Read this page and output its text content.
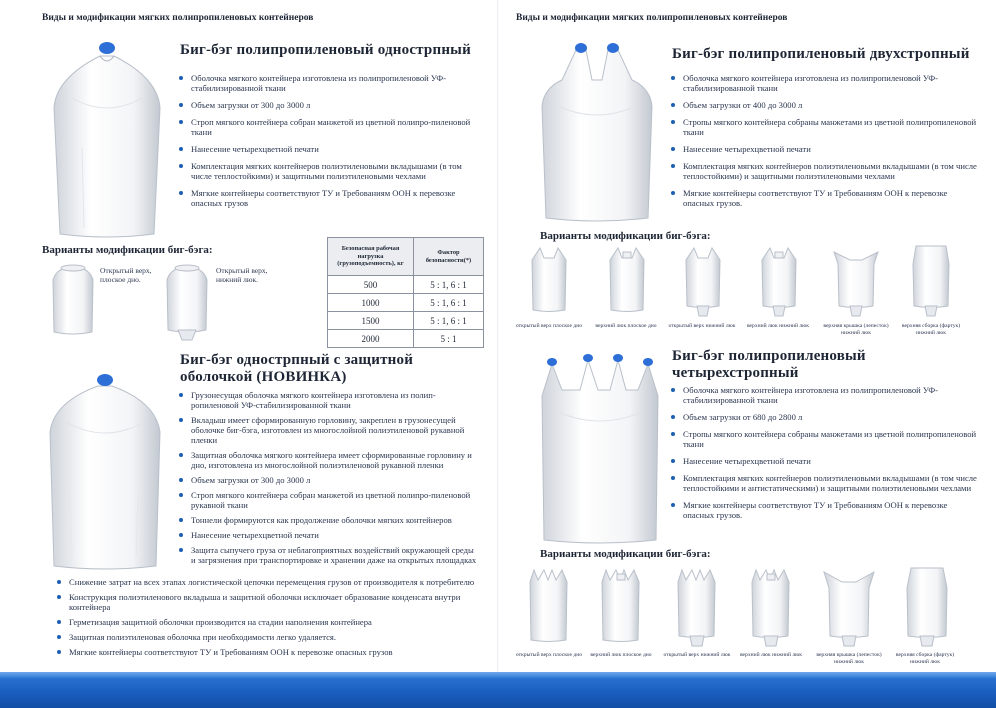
Виды и модификации мягких полипропиленовых контейнеров
Биг-бэг полипропиленовый однострпный
Оболочка мягкого контейнера изготовлена из полипропиленовой УФ-стабилизированной ткани
Объем загрузки от 300 до 3000 л
Строп мягкого контейнера собран манжетой из цветной полипро-пиленовой ткани
Нанесение четырехцветной печати
Комплектация мягких контейнеров полиэтиленовыми вкладышами (в том числе теплостойкими) и защитными полиэтиленовыми чехлами
Мягкие контейнеры соответствуют ТУ и Требованиям ООН к перевозке опасных грузов
Варианты модификации биг-бэга:
Открытый верх, плоское дно.
Открытый верх, нижний люк.
Безопасная рабочая нагрузка (грузоподъемность), кг	Фактор безопасности(*)
500	5 : 1, 6 : 1
1000	5 : 1, 6 : 1
1500	5 : 1, 6 : 1
2000	5 : 1
Биг-бэг однострпный с защитной
оболочкой (НОВИНКА)
Грузонесущая оболочка мягкого контейнера изготовлена из полип-ропиленовой УФ-стабилизированной ткани
Вкладыш имеет сформированную горловину, закреплен в грузонесущей оболочке биг-бэга, изготовлен из многослойной полиэтиленовой рукавной пленки
Защитная оболочка мягкого контейнера имеет сформированные горловину и дно, изготовлена из многослойной полиэтиленовой рукавной пленки
Объем загрузки от 300 до 3000 л
Строп мягкого контейнера собран манжетой из цветной полипро-пиленовой рукавной ткани
Тоннели формируются как продолжение оболочки мягких контейнеров
Нанесение четырехцветной печати
Защита сыпучего груза от неблагоприятных воздействий окружающей среды и загрязнения при транспортировке и хранении даже на открытых площадках
Снижение затрат на всех этапах логистической цепочки перемещения грузов от производителя к потребителю
Конструкция полиэтиленового вкладыша и защитной оболочки исключает образование конденсата внутри контейнера
Герметизация защитной оболочки производится на стадии наполнения контейнера
Защитная полиэтиленовая оболочка при необходимости легко удаляется.
Мягкие контейнеры соответствуют ТУ и Требованиям ООН к перевозке опасных грузов
Виды и модификации мягких полипропиленовых контейнеров
Биг-бэг полипропиленовый двухстропный
Оболочка мягкого контейнера изготовлена из полипропиленовой УФ-стабилизированной ткани
Объем загрузки от 400 до 3000 л
Стропы мягкого контейнера собраны манжетами из цветной полипропиленовой ткани
Нанесение четырехцветной печати
Комплектация мягких контейнеров полиэтиленовыми вкладышами (в том числе теплостойкими) и защитными полиэтиленовыми чехлами
Мягкие контейнеры соответствуют ТУ и Требованиям ООН к перевозке опасных грузов.
Варианты модификации биг-бэга:
открытый верх плоское дно	верхний люк плоское дно	открытый верх нижний люк	верхний люк нижний люк	верхняя крышка (лепесток) нижний люк
верхняя сборка (фартук) нижний люк
Биг-бэг полипропиленовый
четырехстропный
Оболочка мягкого контейнера изготовлена из полипропиленовой УФ-стабилизированной ткани
Объем загрузки от 680 до 2800 л
Стропы мягкого контейнера собраны манжетами из цветной полипропиленовой ткани
Нанесение четырехцветной печати
Комплектация мягких контейнеров полиэтиленовыми вкладышами (в том числе теплостойкими и антистатическими) и защитными полиэтиленовыми чехлами
Мягкие контейнеры соответствуют ТУ и Требованиям ООН к перевозке опасных грузов.
Варианты модификации биг-бэга:
открытый верх плоское дно	верхний люк плоское дно	открытый верх нижний люк	верхний люк нижний люк	верхняя крышка (лепесток) нижний люк
верхняя сборка (фартук) нижний люк
